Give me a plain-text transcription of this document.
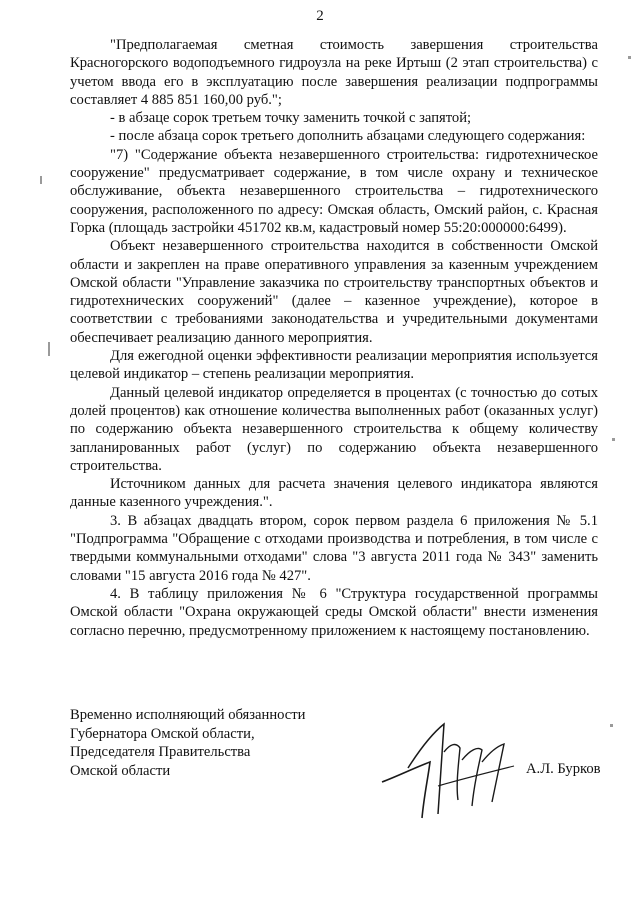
2

"Предполагаемая сметная стоимость завершения строительства Красногорского водоподъемного гидроузла на реке Иртыш (2 этап строительства) с учетом ввода его в эксплуатацию после завершения реализации подпрограммы составляет 4 885 851 160,00 руб.";

- в абзаце сорок третьем точку заменить точкой с запятой;

- после абзаца сорок третьего дополнить абзацами следующего содержания:

"7) "Содержание объекта незавершенного строительства: гидротехническое сооружение" предусматривает содержание, в том числе охрану и техническое обслуживание, объекта незавершенного строительства – гидротехнического сооружения, расположенного по адресу: Омская область, Омский район, с. Красная Горка (площадь застройки 451702 кв.м, кадастровый номер 55:20:000000:6499).

Объект незавершенного строительства находится в собственности Омской области и закреплен на праве оперативного управления за казенным учреждением Омской области "Управление заказчика по строительству транспортных объектов и гидротехнических сооружений" (далее – казенное учреждение), которое в соответствии с требованиями законодательства и учредительными документами обеспечивает реализацию данного мероприятия.

Для ежегодной оценки эффективности реализации мероприятия используется целевой индикатор – степень реализации мероприятия.

Данный целевой индикатор определяется в процентах (с точностью до сотых долей процентов) как отношение количества выполненных работ (оказанных услуг) по содержанию объекта незавершенного строительства к общему количеству запланированных работ (услуг) по содержанию объекта незавершенного строительства.

Источником данных для расчета значения целевого индикатора являются данные казенного учреждения.".

3. В абзацах двадцать втором, сорок первом раздела 6 приложения № 5.1 "Подпрограмма "Обращение с отходами производства и потребления, в том числе с твердыми коммунальными отходами" слова "3 августа 2011 года № 343" заменить словами "15 августа 2016 года № 427".

4. В таблицу приложения № 6 "Структура государственной программы Омской области "Охрана окружающей среды Омской области" внести изменения согласно перечню, предусмотренному приложением к настоящему постановлению.

Временно исполняющий обязанности
Губернатора Омской области,
Председателя Правительства
Омской области	А.Л. Бурков
